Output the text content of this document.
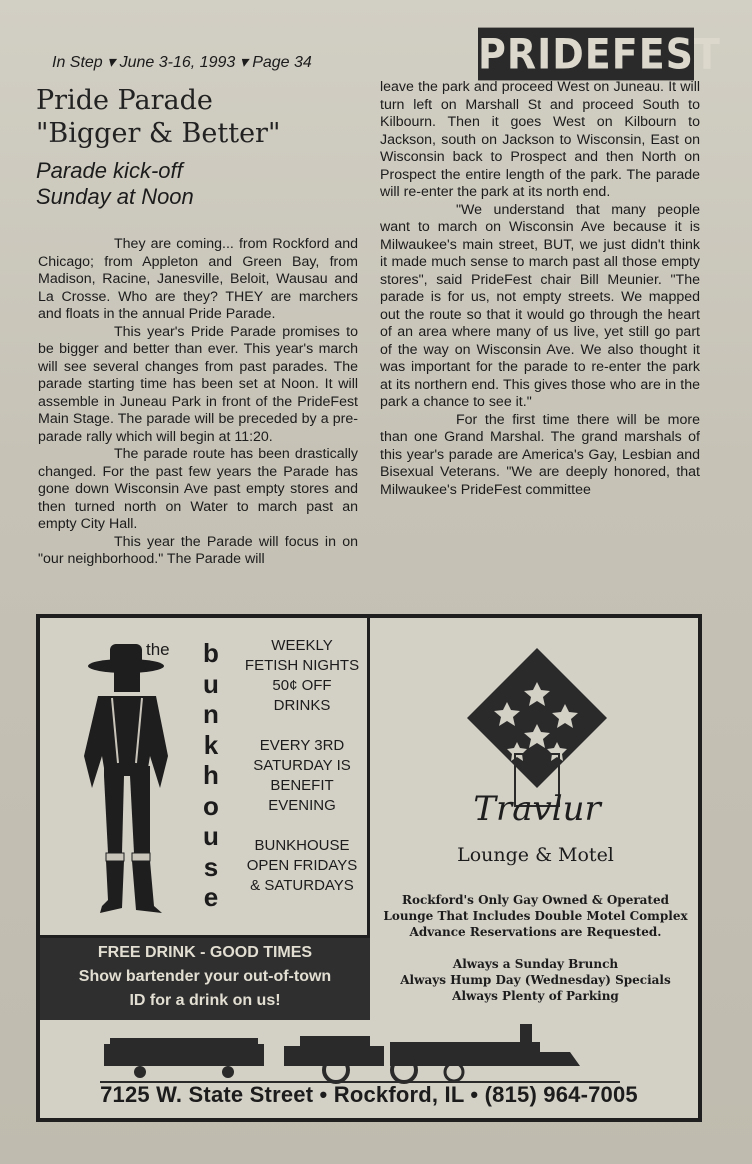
In Step ▾ June 3-16, 1993 ▾ Page 34	PRIDEFEST
Pride Parade
"Bigger & Better"
Parade kick-off
Sunday at Noon

They are coming... from Rockford and Chicago; from Appleton and Green Bay, from Madison, Racine, Janesville, Beloit, Wausau and La Crosse. Who are they? THEY are marchers and floats in the annual Pride Parade.

This year's Pride Parade promises to be bigger and better than ever. This year's march will see several changes from past parades. The parade starting time has been set at Noon. It will assemble in Juneau Park in front of the PrideFest Main Stage. The parade will be preceded by a pre-parade rally which will begin at 11:20.

The parade route has been drastically changed. For the past few years the Parade has gone down Wisconsin Ave past empty stores and then turned north on Water to march past an empty City Hall.

This year the Parade will focus in on "our neighborhood." The Parade will

leave the park and proceed West on Juneau. It will turn left on Marshall St and proceed South to Kilbourn. Then it goes West on Kilbourn to Jackson, south on Jackson to Wisconsin, East on Wisconsin back to Prospect and then North on Prospect the entire length of the park. The parade will re-enter the park at its north end.

"We understand that many people want to march on Wisconsin Ave because it is Milwaukee's main street, BUT, we just didn't think it made much sense to march past all those empty stores", said PrideFest chair Bill Meunier. "The parade is for us, not empty streets. We mapped out the route so that it would go through the heart of an area where many of us live, yet still go part of the way on Wisconsin Ave. We also thought it was important for the parade to re-enter the park at its northern end. This gives those who are in the park a chance to see it."

For the first time there will be more than one Grand Marshal. The grand marshals of this year's parade are America's Gay, Lesbian and Bisexual Veterans. "We are deeply honored, that Milwaukee's PrideFest committee

the b
u
n
k
h
o
u
s
e
WEEKLY
FETISH NIGHTS
50¢ OFF
DRINKS
EVERY 3RD
SATURDAY IS
BENEFIT
EVENING
BUNKHOUSE
OPEN FRIDAYS
& SATURDAYS
FREE DRINK - GOOD TIMES
Show bartender your out-of-town
ID for a drink on us!
Travlur
Lounge & Motel
Rockford's Only Gay Owned & Operated
Lounge That Includes Double Motel Complex
Advance Reservations are Requested.
Always a Sunday Brunch
Always Hump Day (Wednesday) Specials
Always Plenty of Parking
7125 W. State Street • Rockford, IL • (815) 964-7005
